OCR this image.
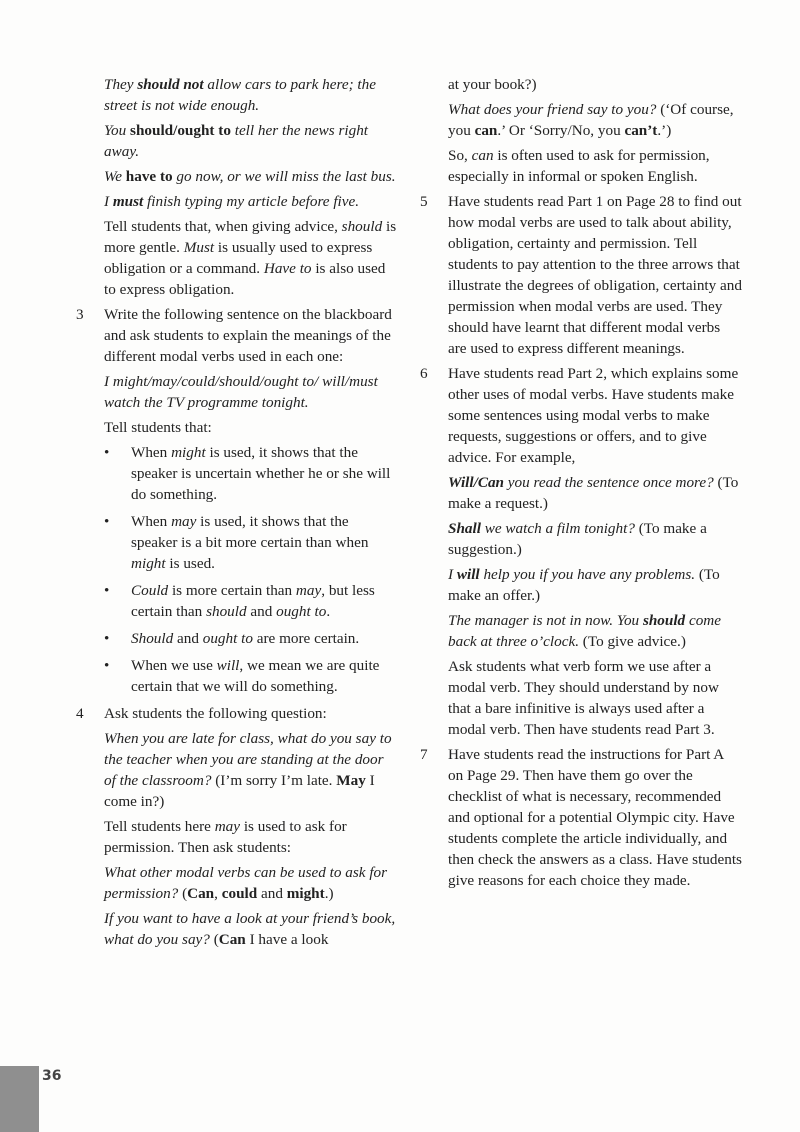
They should not allow cars to park here; the street is not wide enough.

You should/ought to tell her the news right away.

We have to go now, or we will miss the last bus.

I must finish typing my article before five.

Tell students that, when giving advice, should is more gentle. Must is usually used to express obligation or a command. Have to is also used to express obligation.

3 Write the following sentence on the blackboard and ask students to explain the meanings of the different modal verbs used in each one:

I might/may/could/should/ought to/ will/must watch the TV programme tonight.

Tell students that:

• When might is used, it shows that the speaker is uncertain whether he or she will do something.
• When may is used, it shows that the speaker is a bit more certain than when might is used.
• Could is more certain than may, but less certain than should and ought to.
• Should and ought to are more certain.
• When we use will, we mean we are quite certain that we will do something.
4 Ask students the following question:

When you are late for class, what do you say to the teacher when you are standing at the door of the classroom? (I’m sorry I’m late. May I come in?)

Tell students here may is used to ask for permission. Then ask students:

What other modal verbs can be used to ask for permission? (Can, could and might.)

If you want to have a look at your friend’s book, what do you say? (Can I have a look

at your book?)

What does your friend say to you? (‘Of course, you can.’ Or ‘Sorry/No, you can’t.’)

So, can is often used to ask for permission, especially in informal or spoken English.

5 Have students read Part 1 on Page 28 to find out how modal verbs are used to talk about ability, obligation, certainty and permission. Tell students to pay attention to the three arrows that illustrate the degrees of obligation, certainty and permission when modal verbs are used. They should have learnt that different modal verbs are used to express different meanings.

6 Have students read Part 2, which explains some other uses of modal verbs. Have students make some sentences using modal verbs to make requests, suggestions or offers, and to give advice. For example,

Will/Can you read the sentence once more? (To make a request.)

Shall we watch a film tonight? (To make a suggestion.)

I will help you if you have any problems. (To make an offer.)

The manager is not in now. You should come back at three o’clock. (To give advice.)

Ask students what verb form we use after a modal verb. They should understand by now that a bare infinitive is always used after a modal verb. Then have students read Part 3.

7 Have students read the instructions for Part A on Page 29. Then have them go over the checklist of what is necessary, recommended and optional for a potential Olympic city. Have students complete the article individually, and then check the answers as a class. Have students give reasons for each choice they made.

36
